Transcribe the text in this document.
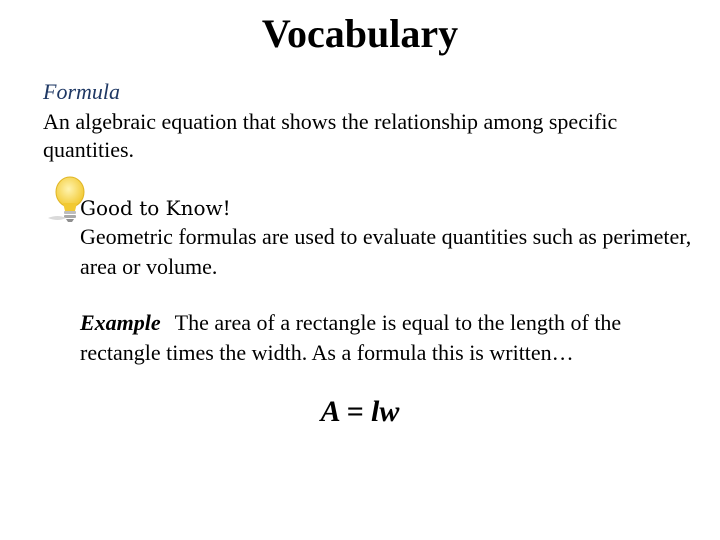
Vocabulary
Formula
An algebraic equation that shows the relationship among specific quantities.
Good to Know!
Geometric formulas are used to evaluate quantities such as perimeter, area or volume.
Example The area of a rectangle is equal to the length of the rectangle times the width. As a formula this is written…
A = lw
